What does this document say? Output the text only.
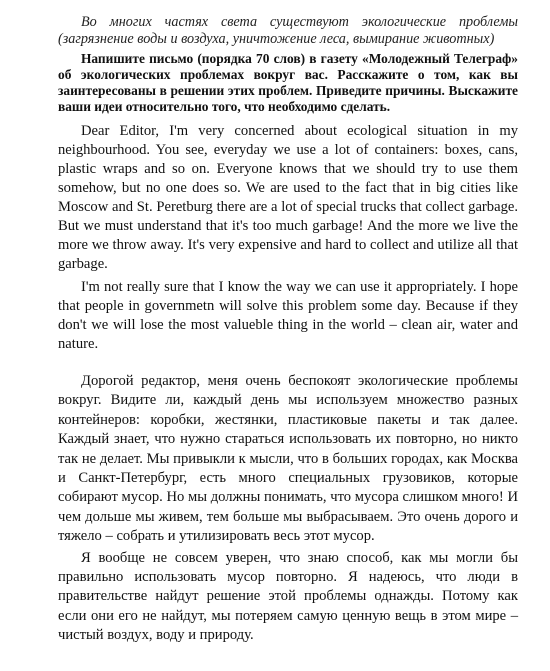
Во многих частях света существуют экологические проблемы (загрязнение воды и воздуха, уничтожение леса, вымирание животных)

Напишите письмо (порядка 70 слов) в газету «Молодежный Телеграф» об экологических проблемах вокруг вас. Расскажите о том, как вы заинтересованы в решении этих проблем. Приведите причины. Выскажите ваши идеи относительно того, что необходимо сделать.

Dear Editor, I'm very concerned about ecological situation in my neighbourhood. You see, everyday we use a lot of containers: boxes, cans, plastic wraps and so on. Everyone knows that we should try to use them somehow, but no one does so. We are used to the fact that in big cities like Moscow and St. Peretburg there are a lot of special trucks that collect garbage. But we must understand that it's too much garbage! And the more we live the more we throw away. It's very expensive and hard to collect and utilize all that garbage.

I'm not really sure that I know the way we can use it appropriately. I hope that people in governmetn will solve this problem some day. Because if they don't we will lose the most valueble thing in the world – clean air, water and nature.

Дорогой редактор, меня очень беспокоят экологические проблемы вокруг. Видите ли, каждый день мы используем множество разных контейнеров: коробки, жестянки, пластиковые пакеты и так далее. Каждый знает, что нужно стараться использовать их повторно, но никто так не делает. Мы привыкли к мысли, что в больших городах, как Москва и Санкт-Петербург, есть много специальных грузовиков, которые собирают мусор. Но мы должны понимать, что мусора слишком много! И чем дольше мы живем, тем больше мы выбрасываем. Это очень дорого и тяжело – собрать и утилизировать весь этот мусор.

Я вообще не совсем уверен, что знаю способ, как мы могли бы правильно использовать мусор повторно. Я надеюсь, что люди в правительстве найдут решение этой проблемы однажды. Потому как если они его не найдут, мы потеряем самую ценную вещь в этом мире – чистый воздух, воду и природу.
